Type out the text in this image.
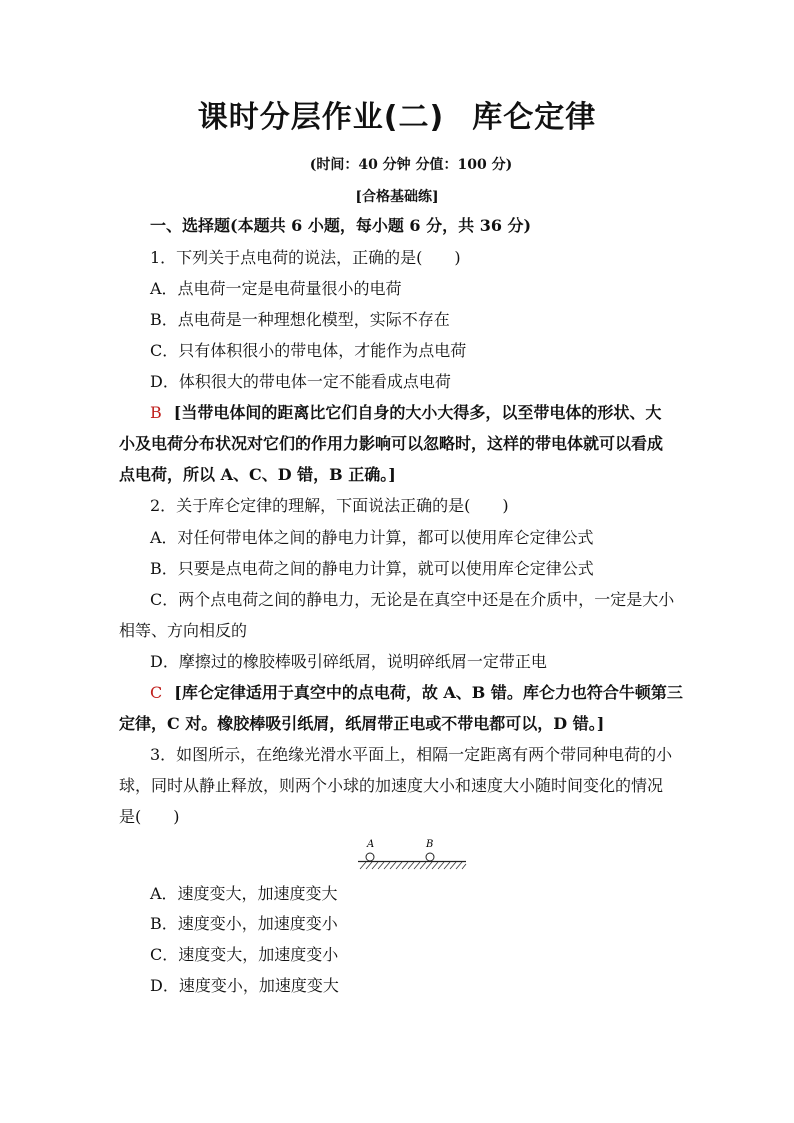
课时分层作业(二) 库仑定律
(时间：40 分钟 分值：100 分)
[合格基础练]
一、选择题(本题共 6 小题，每小题 6 分，共 36 分)
1．下列关于点电荷的说法，正确的是(　　)
A．点电荷一定是电荷量很小的电荷
B．点电荷是一种理想化模型，实际不存在
C．只有体积很小的带电体，才能作为点电荷
D．体积很大的带电体一定不能看成点电荷
B [当带电体间的距离比它们自身的大小大得多，以至带电体的形状、大
小及电荷分布状况对它们的作用力影响可以忽略时，这样的带电体就可以看成
点电荷，所以 A、C、D 错，B 正确。]
2．关于库仑定律的理解，下面说法正确的是(　　)
A．对任何带电体之间的静电力计算，都可以使用库仑定律公式
B．只要是点电荷之间的静电力计算，就可以使用库仑定律公式
C．两个点电荷之间的静电力，无论是在真空中还是在介质中，一定是大小
相等、方向相反的
D．摩擦过的橡胶棒吸引碎纸屑，说明碎纸屑一定带正电
C [库仑定律适用于真空中的点电荷，故 A、B 错。库仑力也符合牛顿第三
定律，C 对。橡胶棒吸引纸屑，纸屑带正电或不带电都可以，D 错。]
3．如图所示，在绝缘光滑水平面上，相隔一定距离有两个带同种电荷的小
球，同时从静止释放，则两个小球的加速度大小和速度大小随时间变化的情况
是(　　)
A	B
A．速度变大，加速度变大
B．速度变小，加速度变小
C．速度变大，加速度变小
D．速度变小，加速度变大
